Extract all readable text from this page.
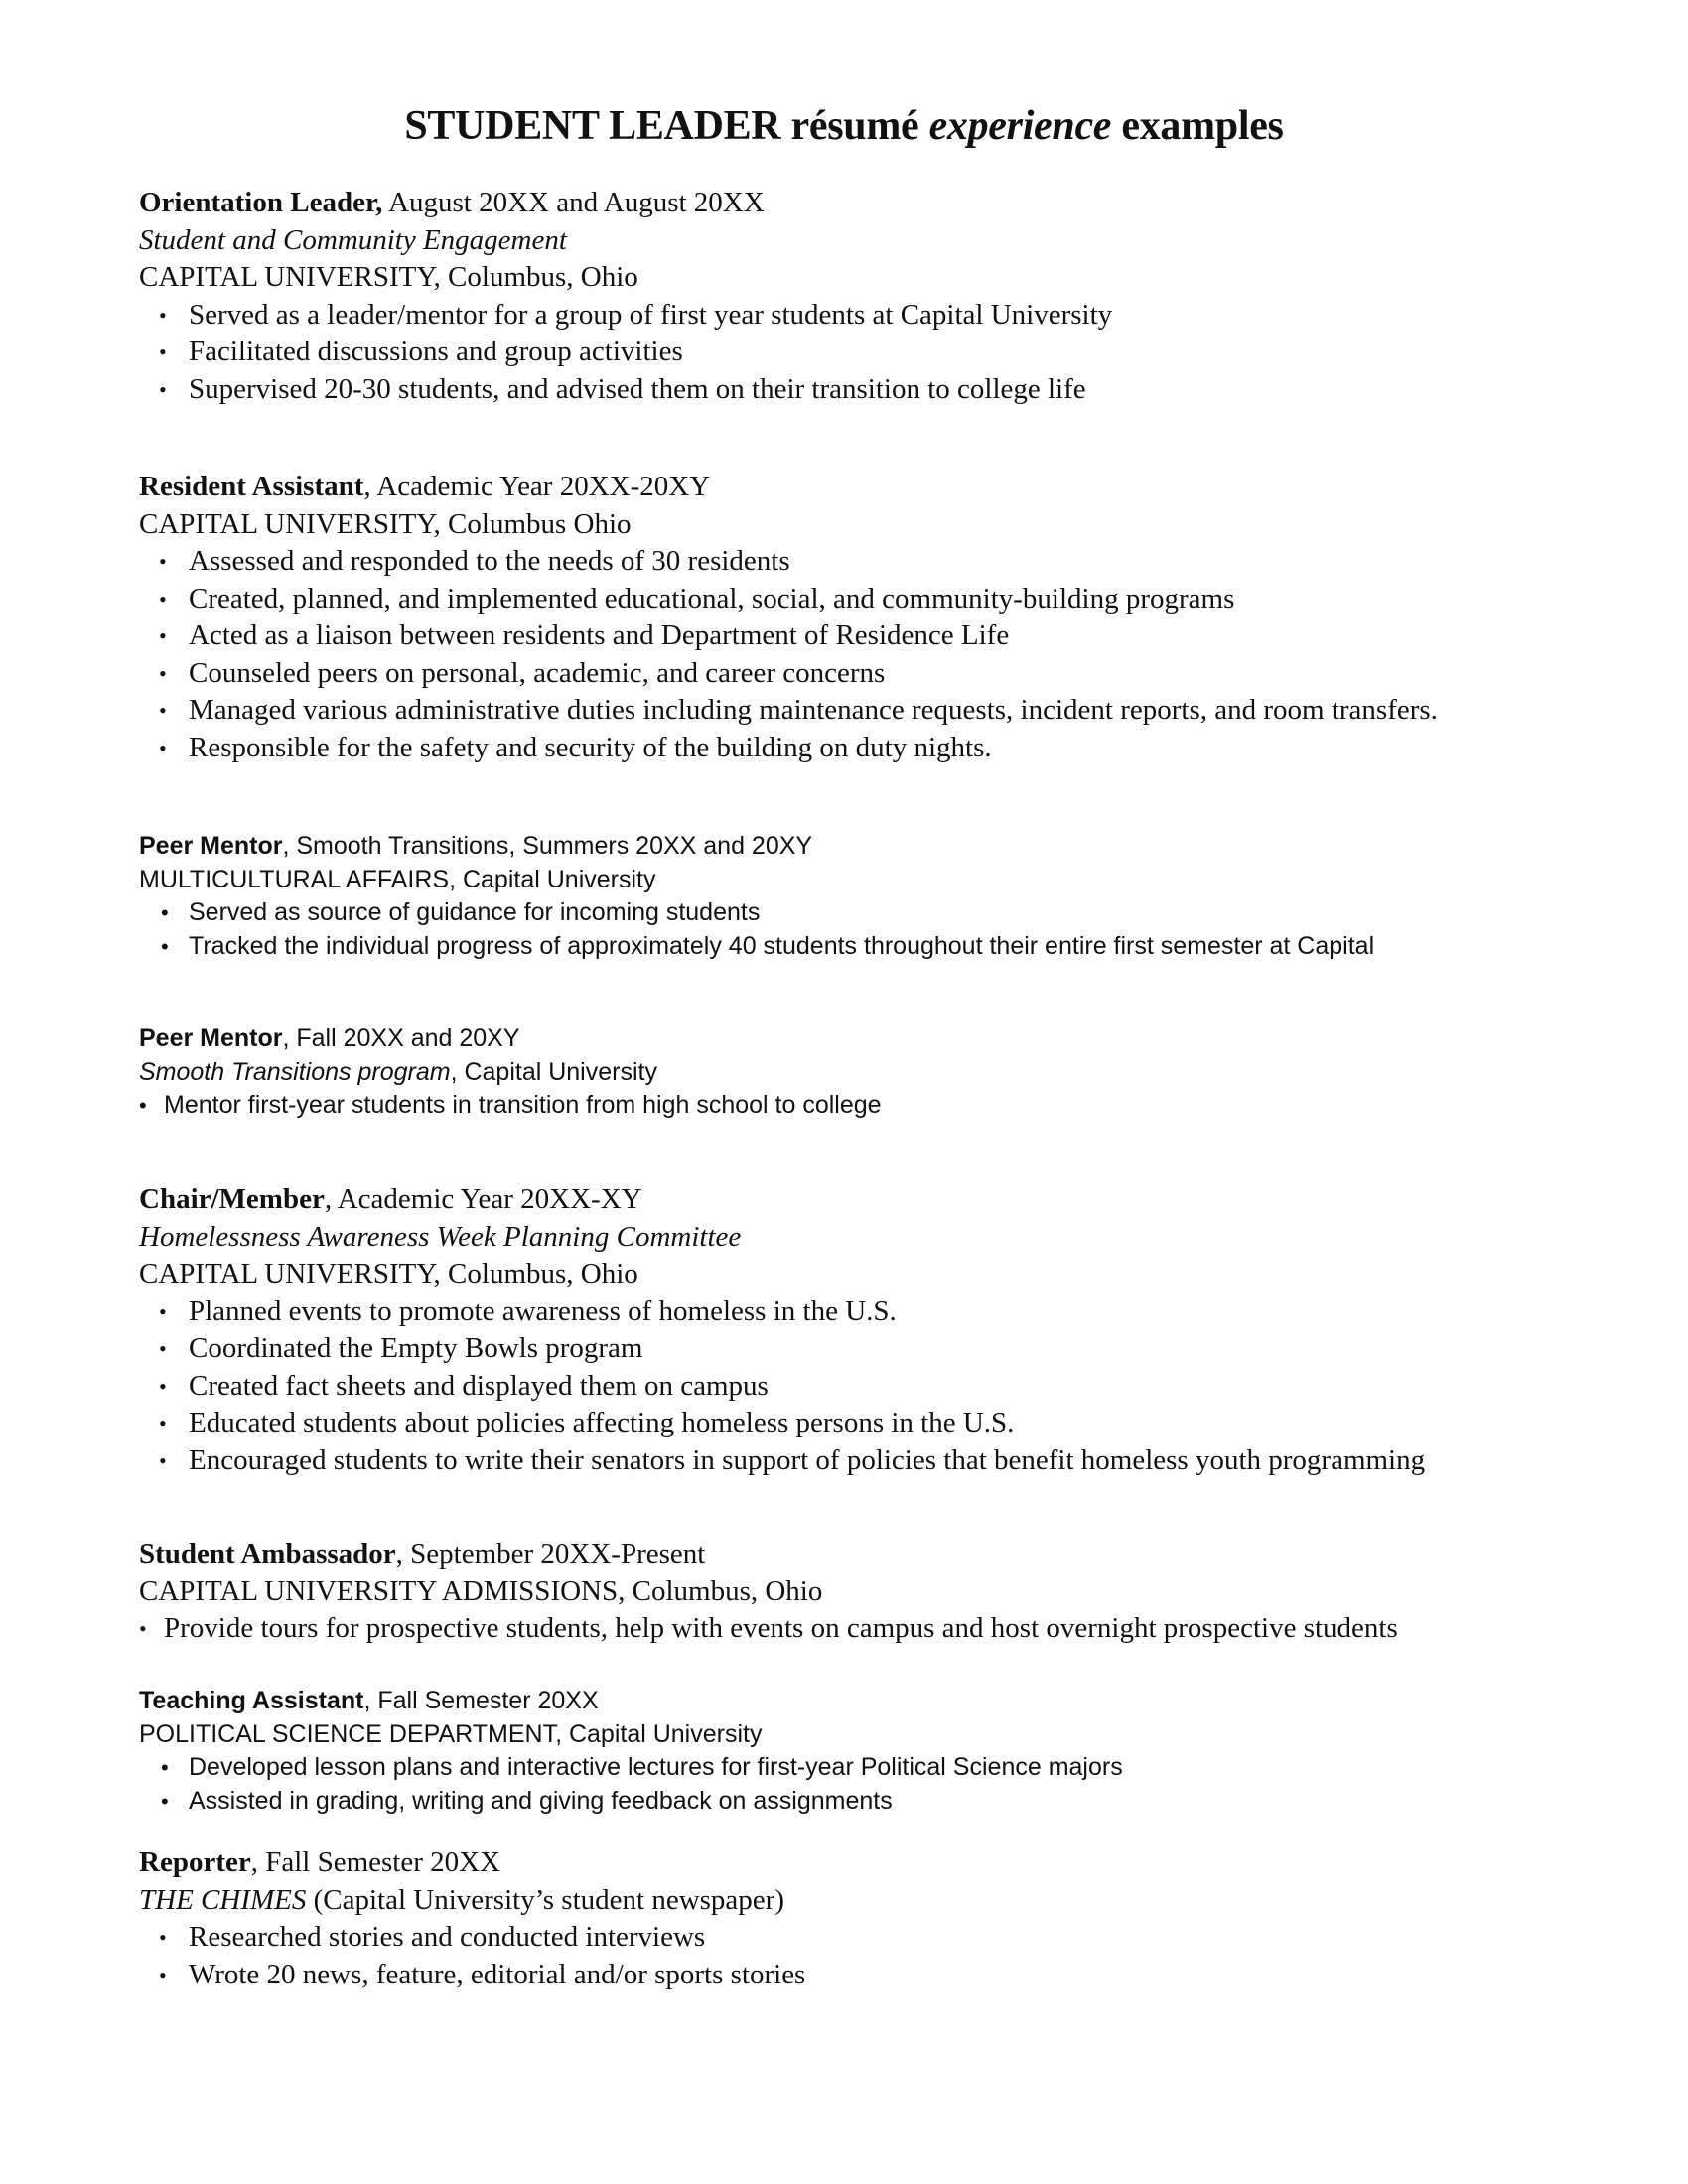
STUDENT LEADER résumé experience examples

Orientation Leader, August 20XX and August 20XX

Student and Community Engagement

CAPITAL UNIVERSITY, Columbus, Ohio

• Served as a leader/mentor for a group of first year students at Capital University
• Facilitated discussions and group activities
• Supervised 20-30 students, and advised them on their transition to college life

Resident Assistant, Academic Year 20XX-20XY

CAPITAL UNIVERSITY, Columbus Ohio

• Assessed and responded to the needs of 30 residents
• Created, planned, and implemented educational, social, and community-building programs
• Acted as a liaison between residents and Department of Residence Life
• Counseled peers on personal, academic, and career concerns
• Managed various administrative duties including maintenance requests, incident reports, and room transfers.
• Responsible for the safety and security of the building on duty nights.

Peer Mentor, Smooth Transitions, Summers 20XX and 20XY

MULTICULTURAL AFFAIRS, Capital University

• Served as source of guidance for incoming students
• Tracked the individual progress of approximately 40 students throughout their entire first semester at Capital

Peer Mentor, Fall 20XX and 20XY

Smooth Transitions program, Capital University

• Mentor first-year students in transition from high school to college

Chair/Member, Academic Year 20XX-XY

Homelessness Awareness Week Planning Committee

CAPITAL UNIVERSITY, Columbus, Ohio

• Planned events to promote awareness of homeless in the U.S.
• Coordinated the Empty Bowls program
• Created fact sheets and displayed them on campus
• Educated students about policies affecting homeless persons in the U.S.
• Encouraged students to write their senators in support of policies that benefit homeless youth programming

Student Ambassador, September 20XX-Present

CAPITAL UNIVERSITY ADMISSIONS, Columbus, Ohio

• Provide tours for prospective students, help with events on campus and host overnight prospective students

Teaching Assistant, Fall Semester 20XX

POLITICAL SCIENCE DEPARTMENT, Capital University

• Developed lesson plans and interactive lectures for first-year Political Science majors
• Assisted in grading, writing and giving feedback on assignments

Reporter, Fall Semester 20XX

THE CHIMES (Capital University’s student newspaper)

• Researched stories and conducted interviews
• Wrote 20 news, feature, editorial and/or sports stories
